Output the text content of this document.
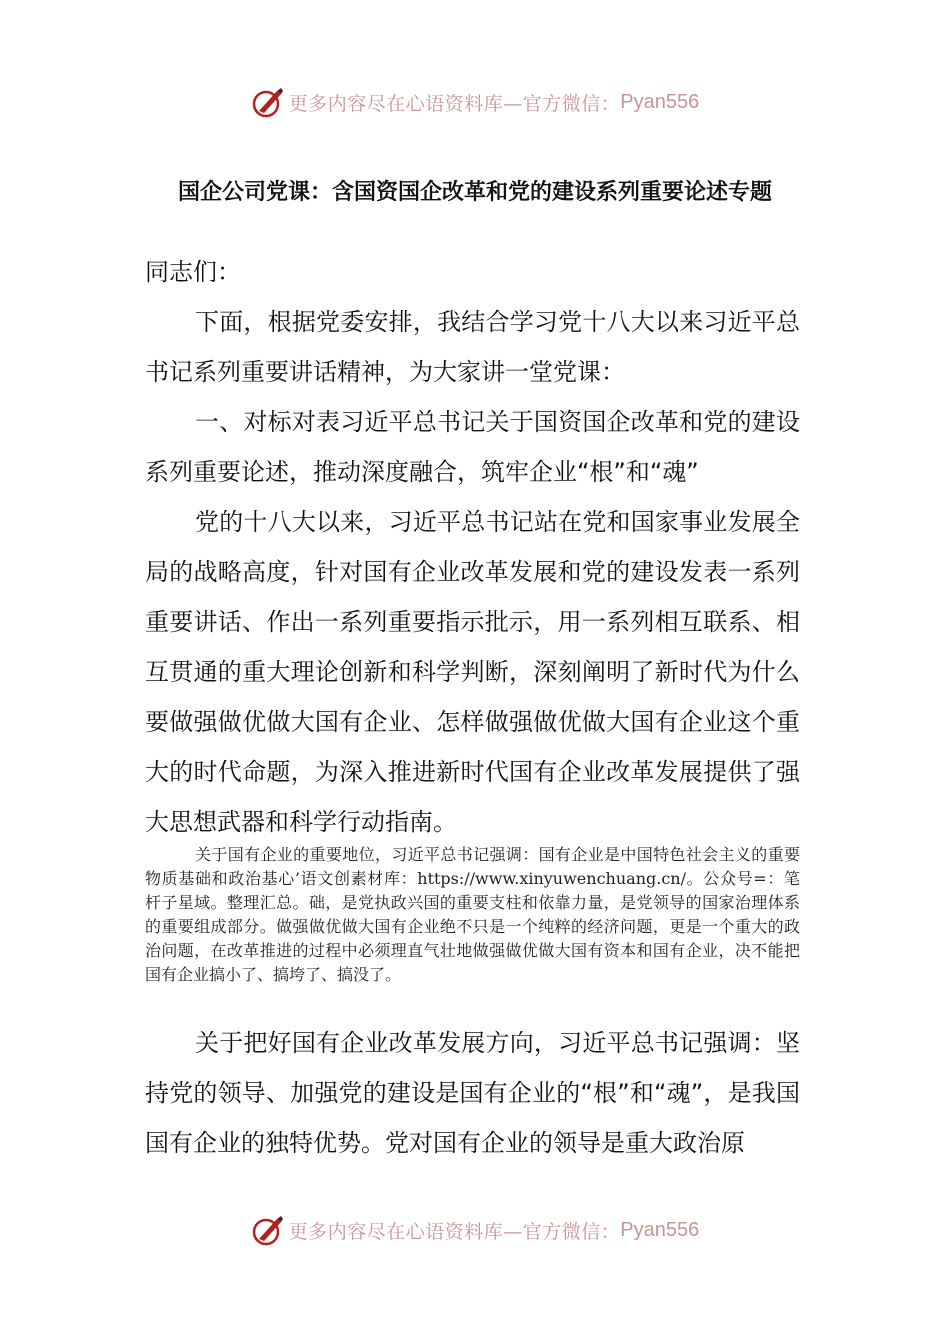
更多内容尽在心语资料库—官方微信： Pyan556
国企公司党课：含国资国企改革和党的建设系列重要论述专题

同志们：

下面，根据党委安排，我结合学习党十八大以来习近平总书记系列重要讲话精神，为大家讲一堂党课：

一、对标对表习近平总书记关于国资国企改革和党的建设系列重要论述，推动深度融合，筑牢企业“根”和“魂”

党的十八大以来，习近平总书记站在党和国家事业发展全局的战略高度，针对国有企业改革发展和党的建设发表一系列重要讲话、作出一系列重要指示批示，用一系列相互联系、相互贯通的重大理论创新和科学判断，深刻阐明了新时代为什么要做强做优做大国有企业、怎样做强做优做大国有企业这个重大的时代命题，为深入推进新时代国有企业改革发展提供了强大思想武器和科学行动指南。

关于国有企业的重要地位，习近平总书记强调：国有企业是中国特色社会主义的重要物质基础和政治基心’语文创素材库：https://www.xinyuwenchuang.cn/。公众号=：笔杆子星域。整理汇总。础，是党执政兴国的重要支柱和依靠力量，是党领导的国家治理体系的重要组成部分。做强做优做大国有企业绝不只是一个纯粹的经济问题，更是一个重大的政治问题，在改革推进的过程中必须理直气壮地做强做优做大国有资本和国有企业，决不能把国有企业搞小了、搞垮了、搞没了。

关于把好国有企业改革发展方向，习近平总书记强调：坚持党的领导、加强党的建设是国有企业的“根”和“魂”，是我国国有企业的独特优势。党对国有企业的领导是重大政治原

更多内容尽在心语资料库—官方微信： Pyan556
